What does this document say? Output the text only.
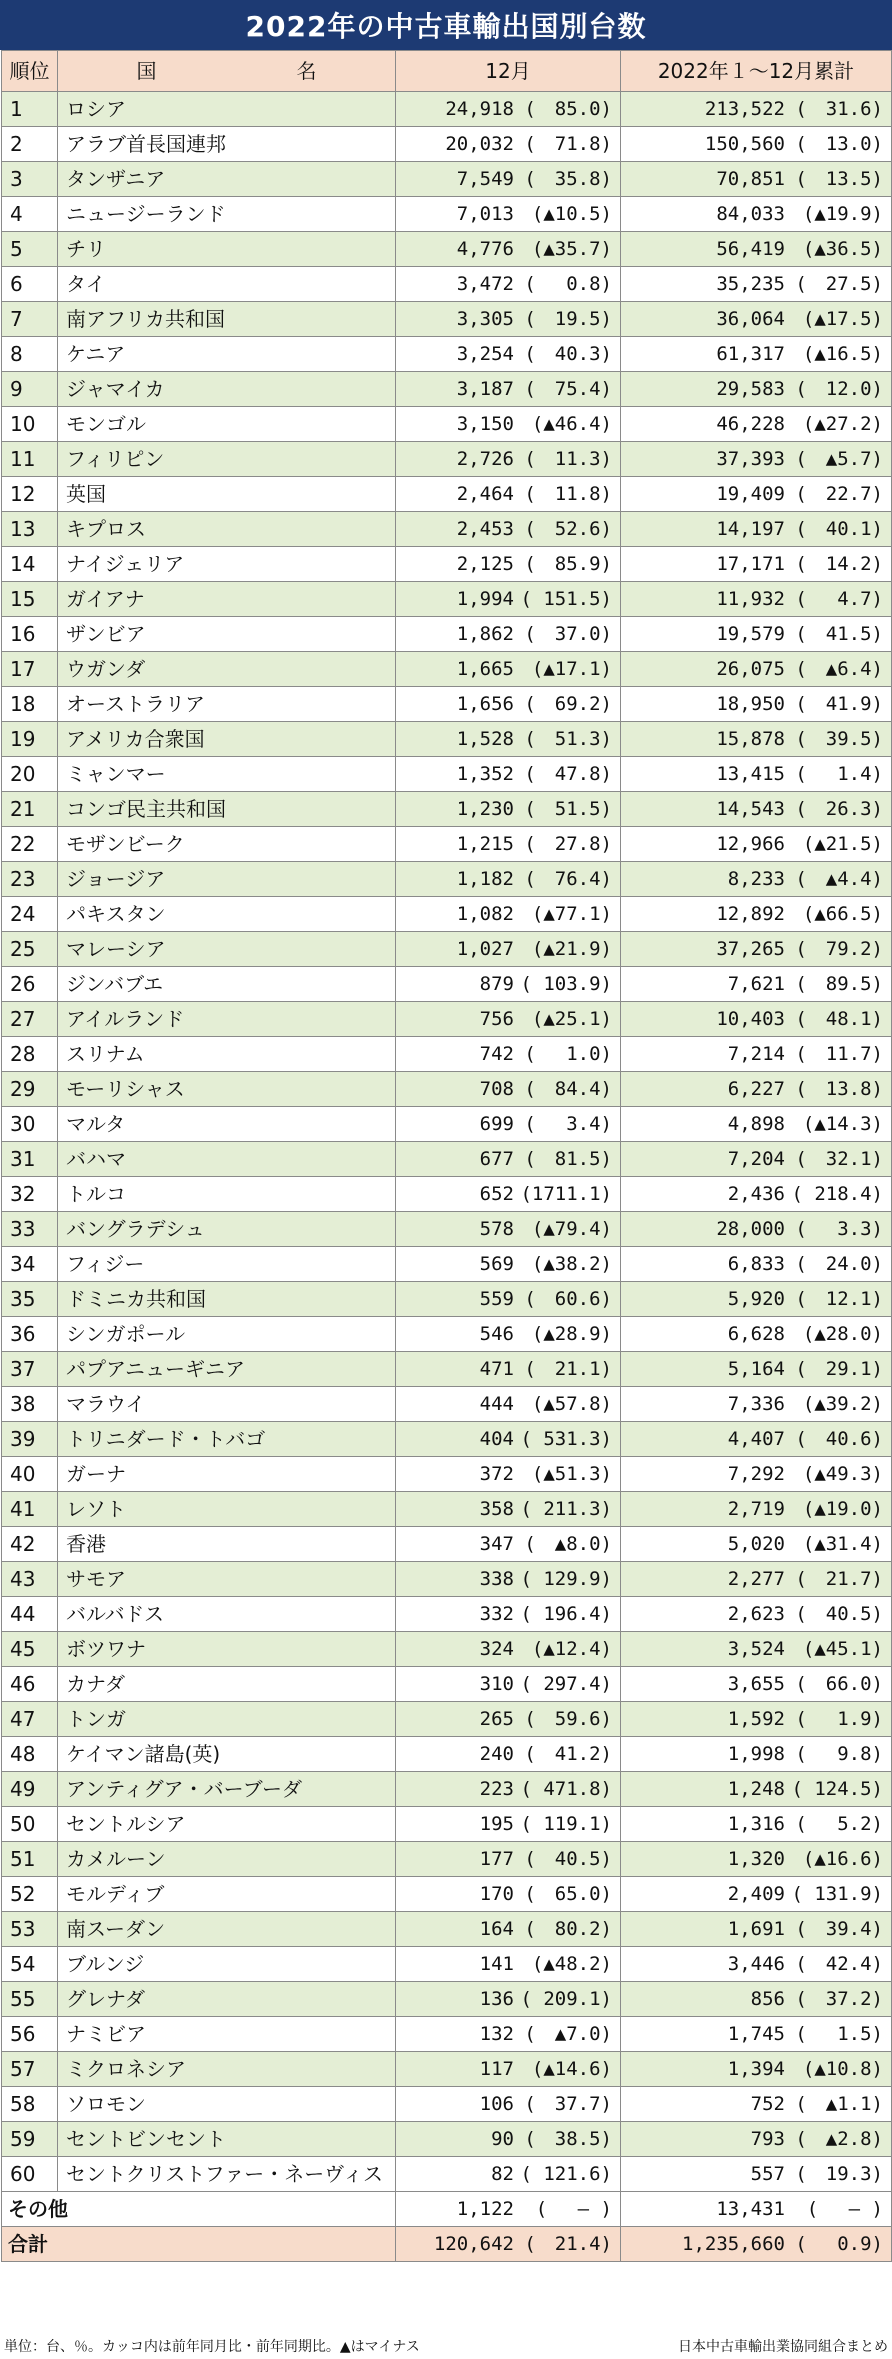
2022年の中古車輸出国別台数
順位	国　名	12月	2022年１～12月累計
1	ロシア	24,918 (　85.0)	213,522 (　31.6)

2	アラブ首長国連邦	20,032 (　71.8)	150,560 (　13.0)

3	タンザニア	7,549 (　35.8)	70,851 (　13.5)

4	ニュージーランド	7,013 (▲10.5)	84,033 (▲19.9)

5	チリ	4,776 (▲35.7)	56,419 (▲36.5)

6	タイ	3,472 (　 0.8)	35,235 (　27.5)

7	南アフリカ共和国	3,305 (　19.5)	36,064 (▲17.5)

8	ケニア	3,254 (　40.3)	61,317 (▲16.5)

9	ジャマイカ	3,187 (　75.4)	29,583 (　12.0)

10	モンゴル	3,150 (▲46.4)	46,228 (▲27.2)

11	フィリピン	2,726 (　11.3)	37,393 (　▲5.7)

12	英国	2,464 (　11.8)	19,409 (　22.7)

13	キプロス	2,453 (　52.6)	14,197 (　40.1)

14	ナイジェリア	2,125 (　85.9)	17,171 (　14.2)

15	ガイアナ	1,994 ( 151.5)	11,932 (　 4.7)

16	ザンビア	1,862 (　37.0)	19,579 (　41.5)

17	ウガンダ	1,665 (▲17.1)	26,075 (　▲6.4)

18	オーストラリア	1,656 (　69.2)	18,950 (　41.9)

19	アメリカ合衆国	1,528 (　51.3)	15,878 (　39.5)

20	ミャンマー	1,352 (　47.8)	13,415 (　 1.4)

21	コンゴ民主共和国	1,230 (　51.5)	14,543 (　26.3)

22	モザンビーク	1,215 (　27.8)	12,966 (▲21.5)

23	ジョージア	1,182 (　76.4)	8,233 (　▲4.4)

24	パキスタン	1,082 (▲77.1)	12,892 (▲66.5)

25	マレーシア	1,027 (▲21.9)	37,265 (　79.2)

26	ジンバブエ	879 ( 103.9)	7,621 (　89.5)

27	アイルランド	756 (▲25.1)	10,403 (　48.1)

28	スリナム	742 (　 1.0)	7,214 (　11.7)

29	モーリシャス	708 (　84.4)	6,227 (　13.8)

30	マルタ	699 (　 3.4)	4,898 (▲14.3)

31	バハマ	677 (　81.5)	7,204 (　32.1)

32	トルコ	652 (1711.1)	2,436 ( 218.4)

33	バングラデシュ	578 (▲79.4)	28,000 (　 3.3)

34	フィジー	569 (▲38.2)	6,833 (　24.0)

35	ドミニカ共和国	559 (　60.6)	5,920 (　12.1)

36	シンガポール	546 (▲28.9)	6,628 (▲28.0)

37	パプアニューギニア	471 (　21.1)	5,164 (　29.1)

38	マラウイ	444 (▲57.8)	7,336 (▲39.2)

39	トリニダード・トバゴ	404 ( 531.3)	4,407 (　40.6)

40	ガーナ	372 (▲51.3)	7,292 (▲49.3)

41	レソト	358 ( 211.3)	2,719 (▲19.0)

42	香港	347 (　▲8.0)	5,020 (▲31.4)

43	サモア	338 ( 129.9)	2,277 (　21.7)

44	バルバドス	332 ( 196.4)	2,623 (　40.5)

45	ボツワナ	324 (▲12.4)	3,524 (▲45.1)

46	カナダ	310 ( 297.4)	3,655 (　66.0)

47	トンガ	265 (　59.6)	1,592 (　 1.9)

48	ケイマン諸島(英)	240 (　41.2)	1,998 (　 9.8)

49	アンティグア・バーブーダ	223 ( 471.8)	1,248 ( 124.5)

50	セントルシア	195 ( 119.1)	1,316 (　 5.2)

51	カメルーン	177 (　40.5)	1,320 (▲16.6)

52	モルディブ	170 (　65.0)	2,409 ( 131.9)

53	南スーダン	164 (　80.2)	1,691 (　39.4)

54	ブルンジ	141 (▲48.2)	3,446 (　42.4)

55	グレナダ	136 ( 209.1)	856 (　37.2)

56	ナミビア	132 (　▲7.0)	1,745 (　 1.5)

57	ミクロネシア	117 (▲14.6)	1,394 (▲10.8)

58	ソロモン	106 (　37.7)	752 (　▲1.1)

59	セントビンセント	90 (　38.5)	793 (　▲2.8)

60	セントクリストファー・ネーヴィス	82 ( 121.6)	557 (　19.3)

その他		1,122 (　 ― )	13,431 (　 ― )

合計		120,642 (　21.4)	1,235,660 (　 0.9)
単位：台、％。カッコ内は前年同月比・前年同期比。▲はマイナス	日本中古車輸出業協同組合まとめ
